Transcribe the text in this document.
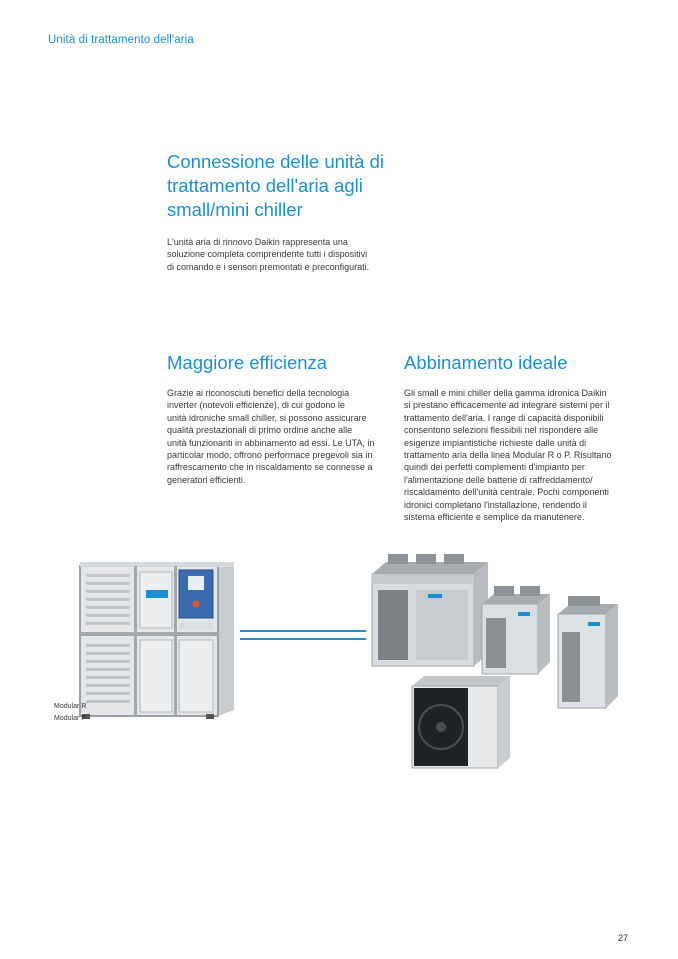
Unità di trattamento dell'aria
Connessione delle unità di
trattamento dell'aria agli
small/mini chiller
L'unità aria di rinnovo Daikin rappresenta una
soluzione completa comprendente tutti i dispositivi
di comando e i sensori premontati e preconfigurati.
Maggiore efficienza
Grazie ai riconosciuti benefici della tecnologia
inverter (notevoli efficienze), di cui godono le
unità idroniche small chiller, si possono assicurare
qualità prestazionali di primo ordine anche alle
unità funzionanti in abbinamento ad essi. Le UTA, in
particolar modo, offrono performace pregevoli sia in
raffrescamento che in riscaldamento se connesse a
generatori efficienti.
Abbinamento ideale
Gli small e mini chiller della gamma idronica Daikin
si prestano efficacemente ad integrare sistemi per il
trattamento dell'aria. I range di capacità disponibili
consentono selezioni flessibili nel rispondere alle
esigenze impiantistiche richieste dalle unità di
trattamento aria della linea Modular R o P. Risultano
quindi dei perfetti complementi d'impianto per
l'alimentazione delle batterie di raffreddamento/
riscaldamento dell'unità centrale. Pochi componenti
idronici completano l'installazione, rendendo il
sistema efficiente e semplice da manutenere.
Modular R
Modular P
27
